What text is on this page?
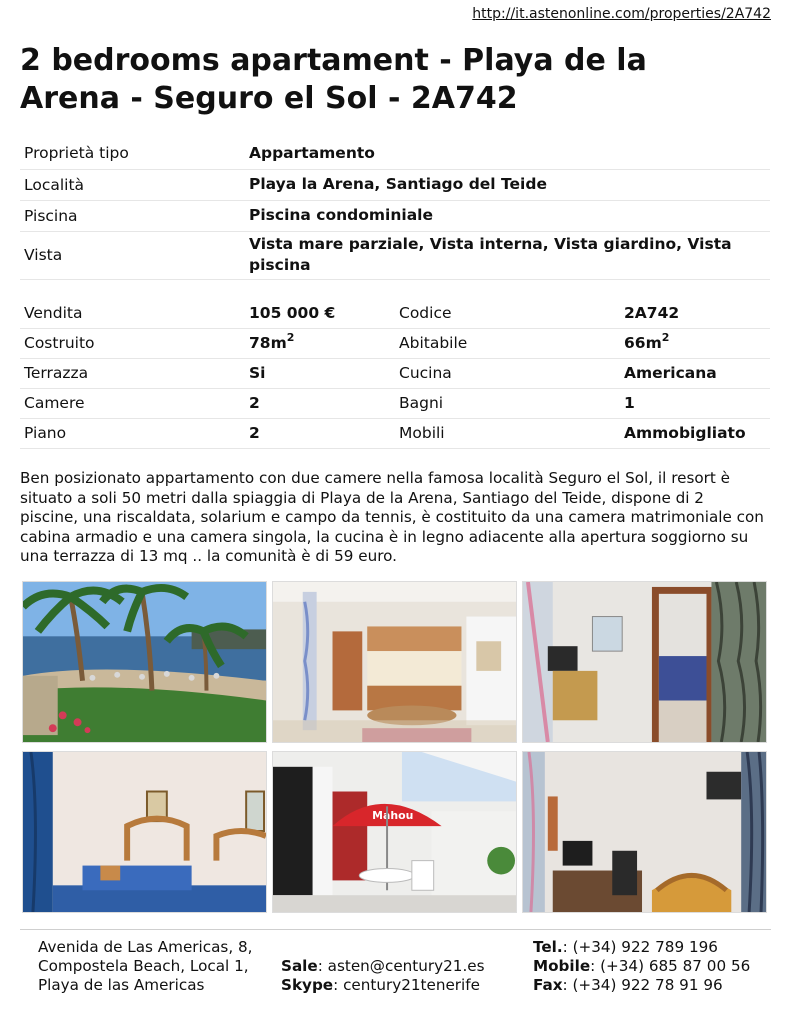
http://it.astenonline.com/properties/2A742
2 bedrooms apartament - Playa de la Arena - Seguro el Sol - 2A742
Proprietà tipo	Appartamento
Località	Playa la Arena, Santiago del Teide
Piscina	Piscina condominiale
Vista	Vista mare parziale, Vista interna, Vista giardino, Vista piscina
Vendita	105 000 €	Codice	2A742
Costruito	$78m^2$	Abitabile	$66m^2$
Terrazza	Si	Cucina	Americana
Camere	2	Bagni	1
Piano	2	Mobili	Ammobigliato

Ben posizionato appartamento con due camere nella famosa località Seguro el Sol, il resort è situato a soli 50 metri dalla spiaggia di Playa de la Arena, Santiago del Teide, dispone di 2 piscine, una riscaldata, solarium e campo da tennis, è costituito da una camera matrimoniale con cabina armadio e una camera singola, la cucina è in legno adiacente alla apertura soggiorno su una terrazza di 13 mq .. la comunità è di 59 euro.

Mahou
Avenida de Las Americas, 8,
Compostela Beach, Local 1,
Playa de las Americas
Sale: asten@century21.es
Skype: century21tenerife
Tel.: (+34) 922 789 196
Mobile: (+34) 685 87 00 56
Fax: (+34) 922 78 91 96
